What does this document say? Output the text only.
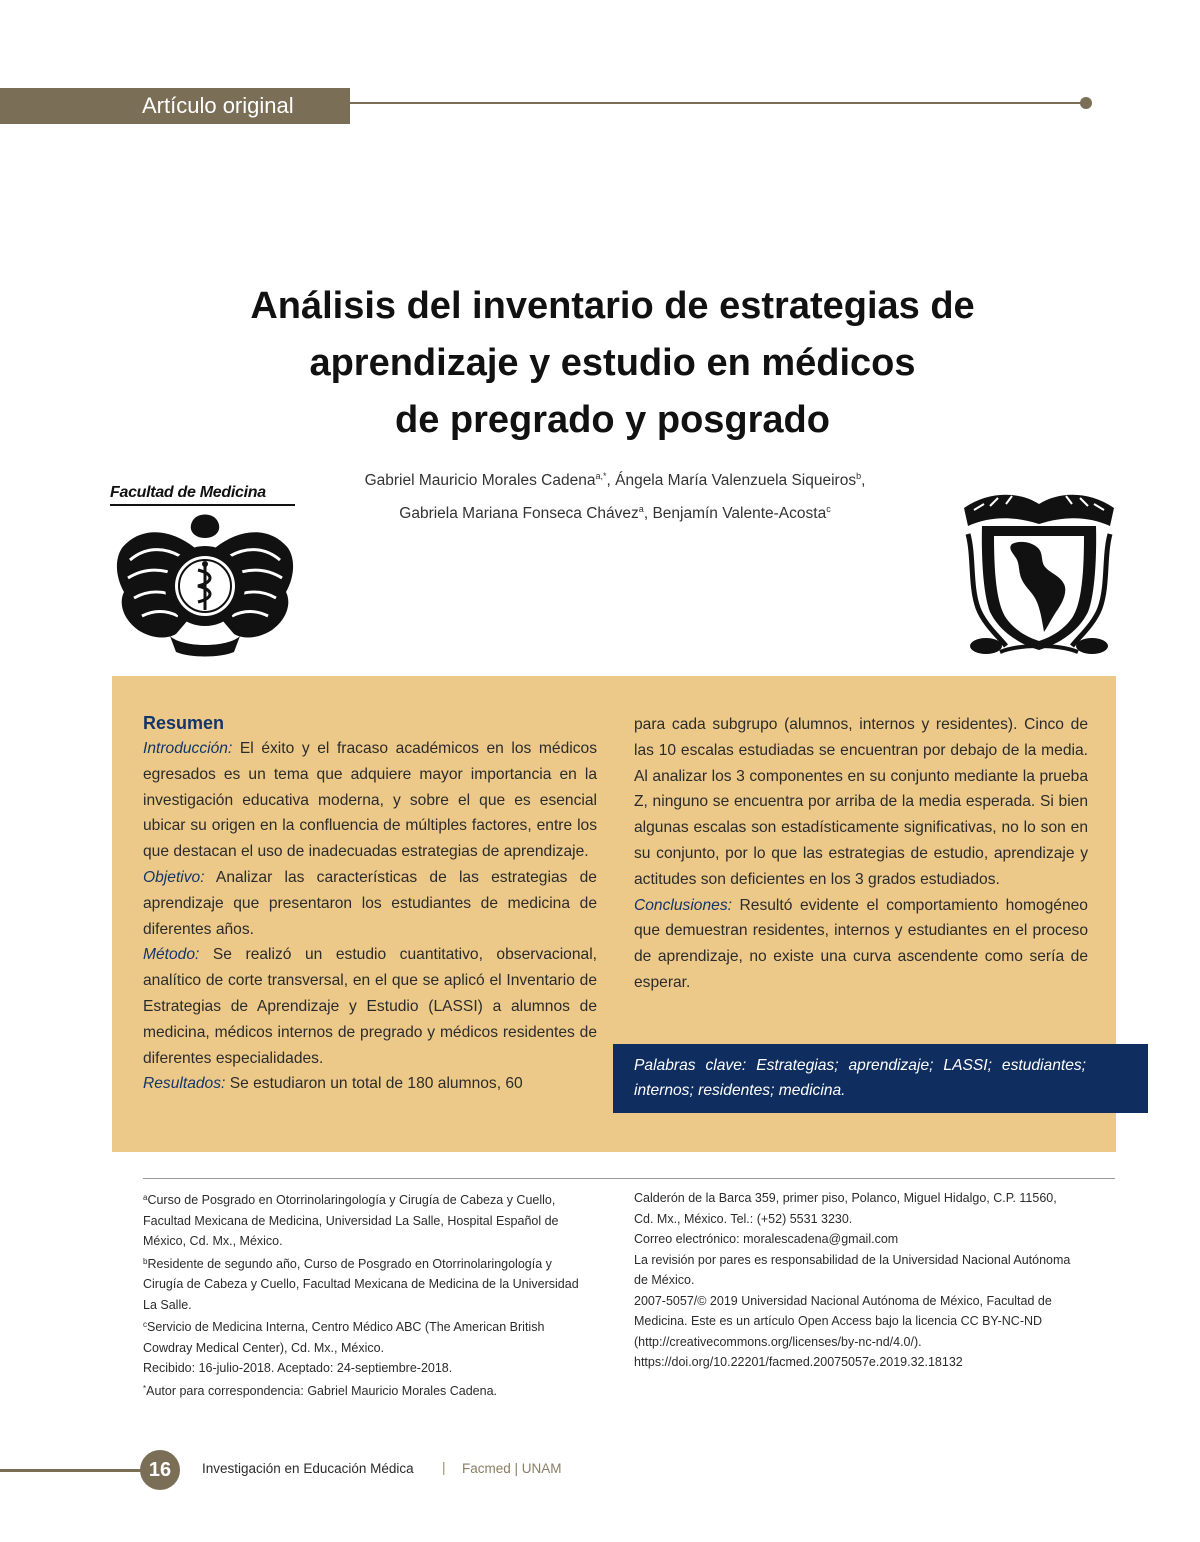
Artículo original
Análisis del inventario de estrategias de
aprendizaje y estudio en médicos
de pregrado y posgrado
Gabriel Mauricio Morales Cadena$^{a,*}$, Ángela María Valenzuela Siqueiros$^b$,
Gabriela Mariana Fonseca Chávez$^a$, Benjamín Valente-Acosta$^c$
Facultad de Medicina
Resumen
Introducción: El éxito y el fracaso académicos en los médicos egresados es un tema que adquiere mayor importancia en la investigación educativa moderna, y sobre el que es esencial ubicar su origen en la confluencia de múltiples factores, entre los que destacan el uso de inadecuadas estrategias de aprendizaje.
Objetivo: Analizar las características de las estrategias de aprendizaje que presentaron los estudiantes de medicina de diferentes años.
Método: Se realizó un estudio cuantitativo, observacional, analítico de corte transversal, en el que se aplicó el Inventario de Estrategias de Aprendizaje y Estudio (LASSI) a alumnos de medicina, médicos internos de pregrado y médicos residentes de diferentes especialidades.
Resultados: Se estudiaron un total de 180 alumnos, 60
para cada subgrupo (alumnos, internos y residentes). Cinco de las 10 escalas estudiadas se encuentran por debajo de la media. Al analizar los 3 componentes en su conjunto mediante la prueba Z, ninguno se encuentra por arriba de la media esperada. Si bien algunas escalas son estadísticamente significativas, no lo son en su conjunto, por lo que las estrategias de estudio, aprendizaje y actitudes son deficientes en los 3 grados estudiados.
Conclusiones: Resultó evidente el comportamiento homogéneo que demuestran residentes, internos y estudiantes en el proceso de aprendizaje, no existe una curva ascendente como sería de esperar.
Palabras clave: Estrategias; aprendizaje; LASSI; estudiantes; internos; residentes; medicina.
$^a$Curso de Posgrado en Otorrinolaringología y Cirugía de Cabeza y Cuello, Facultad Mexicana de Medicina, Universidad La Salle, Hospital Español de México, Cd. Mx., México.
$^b$Residente de segundo año, Curso de Posgrado en Otorrinolaringología y Cirugía de Cabeza y Cuello, Facultad Mexicana de Medicina de la Universidad La Salle.
$^c$Servicio de Medicina Interna, Centro Médico ABC (The American British Cowdray Medical Center), Cd. Mx., México.
Recibido: 16-julio-2018. Aceptado: 24-septiembre-2018.
*Autor para correspondencia: Gabriel Mauricio Morales Cadena.
Calderón de la Barca 359, primer piso, Polanco, Miguel Hidalgo, C.P. 11560, Cd. Mx., México. Tel.: (+52) 5531 3230.
Correo electrónico: moralescadena@gmail.com
La revisión por pares es responsabilidad de la Universidad Nacional Autónoma de México.
2007-5057/© 2019 Universidad Nacional Autónoma de México, Facultad de Medicina. Este es un artículo Open Access bajo la licencia CC BY-NC-ND (http://creativecommons.org/licenses/by-nc-nd/4.0/).
https://doi.org/10.22201/facmed.20075057e.2019.32.18132
16	Investigación en Educación Médica | Facmed | UNAM
